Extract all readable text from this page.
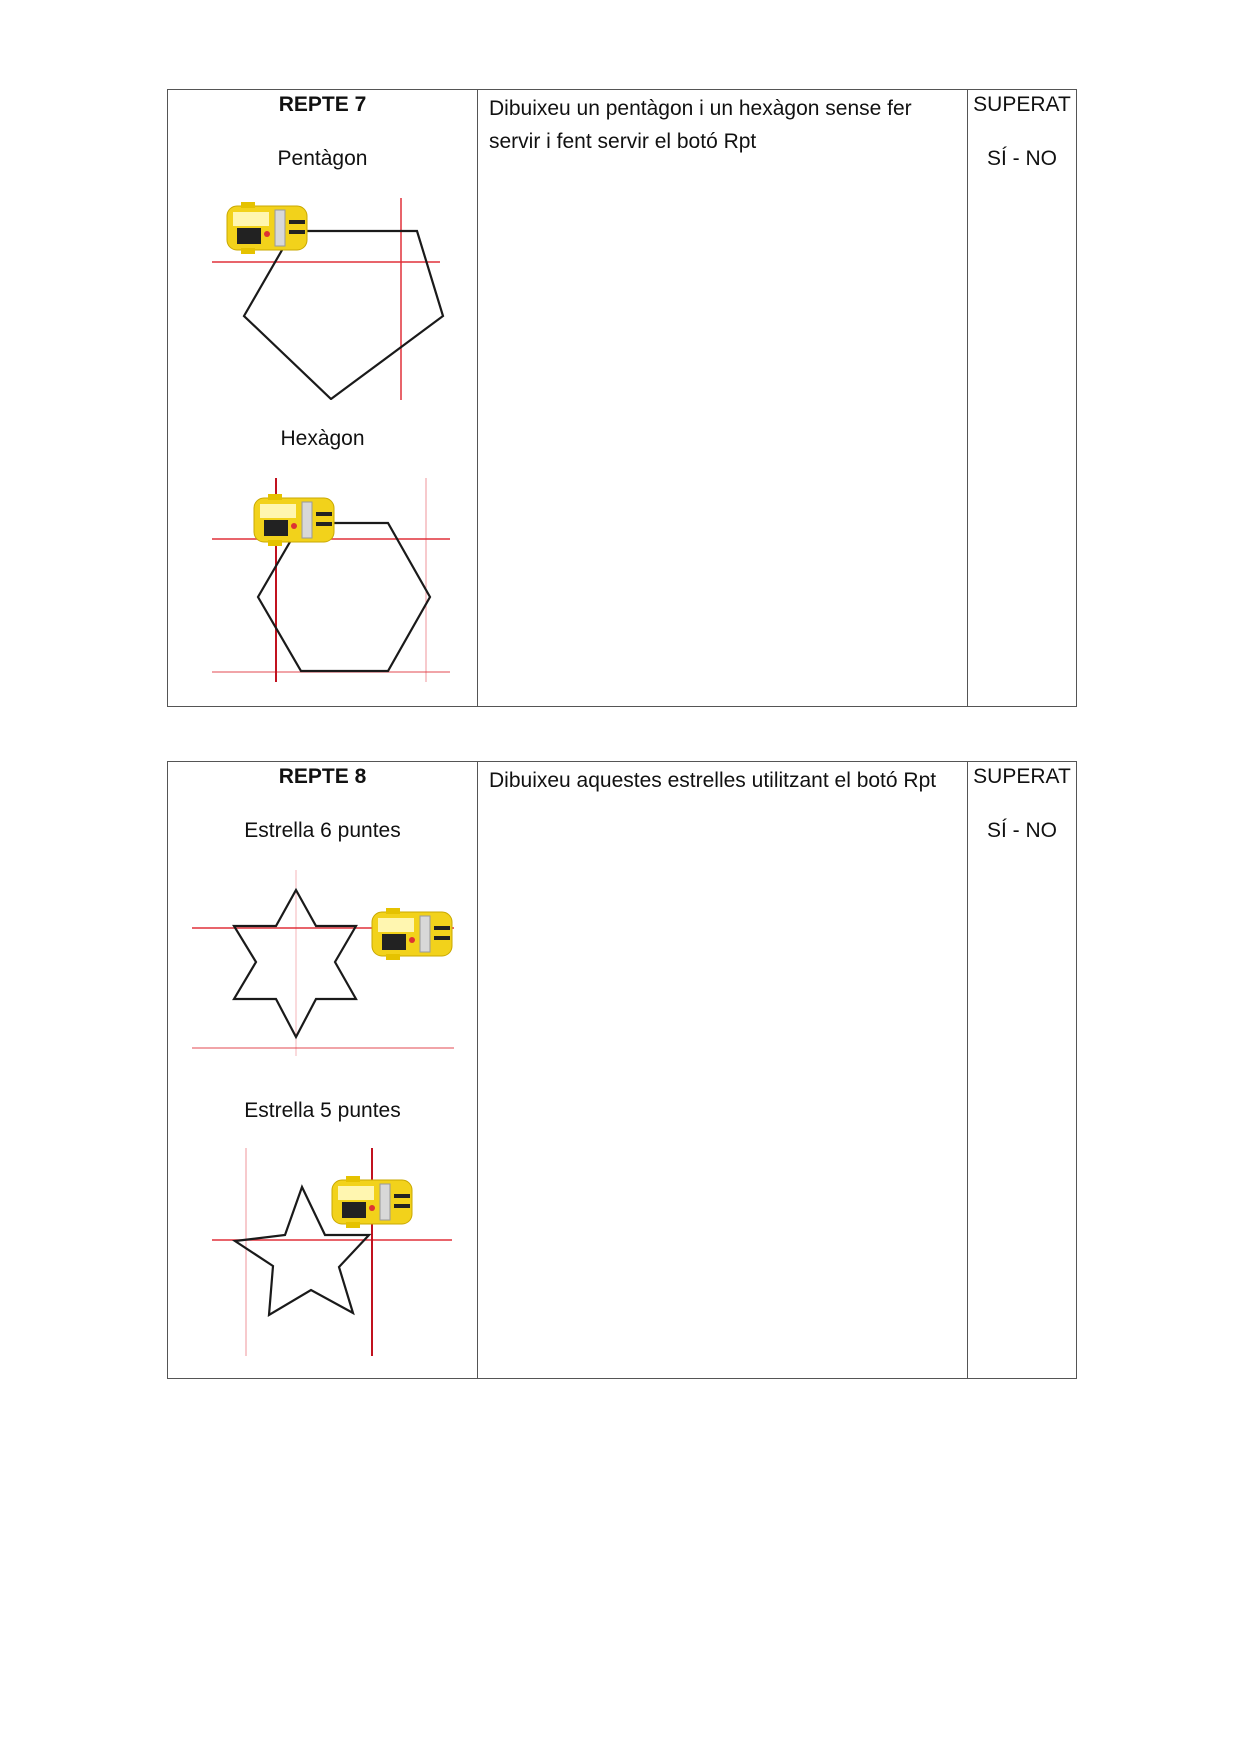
REPTE 7
Pentàgon
Hexàgon
Dibuixeu un pentàgon i un hexàgon sense fer servir i fent servir el botó Rpt
SUPERAT
SÍ - NO
REPTE 8
Estrella 6 puntes
Estrella 5 puntes
Dibuixeu aquestes estrelles utilitzant el botó Rpt	SUPERAT
SÍ - NO
